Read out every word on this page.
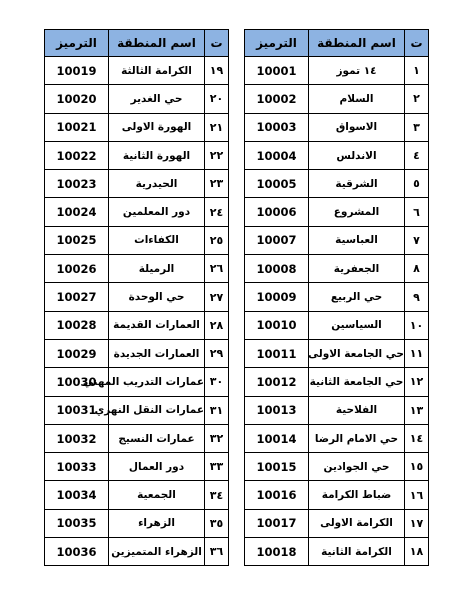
ت	اسم المنطقة	الترميز
١	١٤ تموز	10001
٢	السلام	10002
٣	الاسواق	10003
٤	الاندلس	10004
٥	الشرقية	10005
٦	المشروع	10006
٧	العباسية	10007
٨	الجعفرية	10008
٩	حي الربيع	10009
١٠	السياسين	10010
١١	حي الجامعة الاولى	10011
١٢	حي الجامعة الثانية	10012
١٣	الفلاحية	10013
١٤	حي الامام الرضا	10014
١٥	حي الجوادين	10015
١٦	ضباط الكرامة	10016
١٧	الكرامة الاولى	10017
١٨	الكرامة الثانية	10018
ت	اسم المنطقة	الترميز
١٩	الكرامة الثالثة	10019
٢٠	حي الغدير	10020
٢١	الهورة الاولى	10021
٢٢	الهورة الثانية	10022
٢٣	الحيدرية	10023
٢٤	دور المعلمين	10024
٢٥	الكفاءات	10025
٢٦	الرميلة	10026
٢٧	حي الوحدة	10027
٢٨	العمارات القديمة	10028
٢٩	العمارات الجديدة	10029
٣٠	عمارات التدريب المهني	10030
٣١	عمارات النقل النهري	10031
٣٢	عمارات النسيج	10032
٣٣	دور العمال	10033
٣٤	الجمعية	10034
٣٥	الزهراء	10035
٣٦	الزهراء المتميزين	10036
